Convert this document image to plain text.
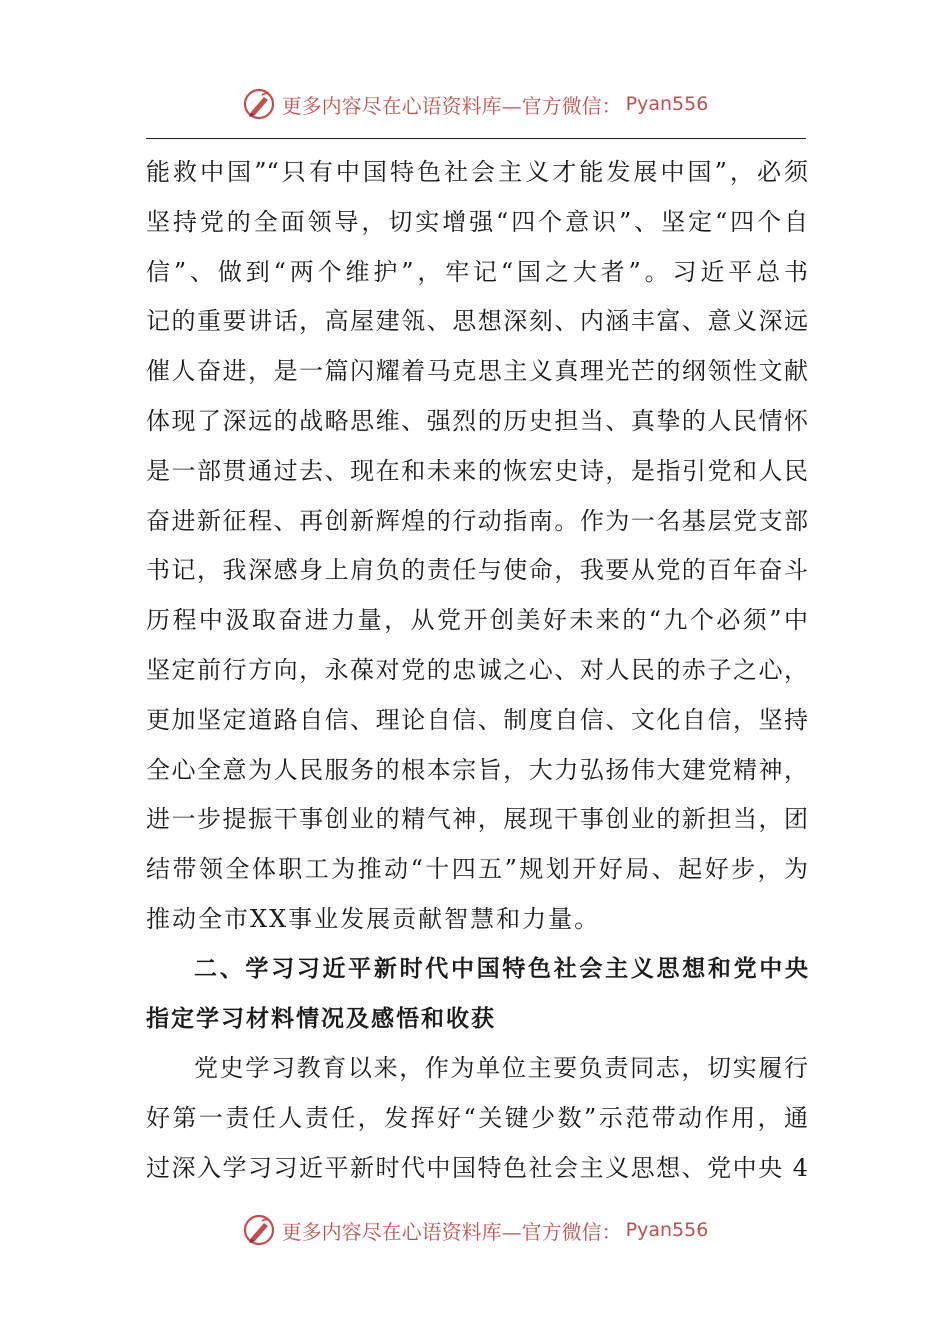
更多内容尽在心语资料库—官方微信： Pyan556
能救中国”“只有中国特色社会主义才能发展中国”，必须
坚持党的全面领导，切实增强“四个意识”、坚定“四个自
信”、做到“两个维护”，牢记“国之大者”。习近平总书
记的重要讲话，高屋建瓴、思想深刻、内涵丰富、意义深远
催人奋进，是一篇闪耀着马克思主义真理光芒的纲领性文献
体现了深远的战略思维、强烈的历史担当、真挚的人民情怀
是一部贯通过去、现在和未来的恢宏史诗，是指引党和人民
奋进新征程、再创新辉煌的行动指南。作为一名基层党支部
书记，我深感身上肩负的责任与使命，我要从党的百年奋斗
历程中汲取奋进力量，从党开创美好未来的“九个必须”中
坚定前行方向，永葆对党的忠诚之心、对人民的赤子之心，
更加坚定道路自信、理论自信、制度自信、文化自信，坚持
全心全意为人民服务的根本宗旨，大力弘扬伟大建党精神，
进一步提振干事创业的精气神，展现干事创业的新担当，团
结带领全体职工为推动“十四五”规划开好局、起好步，为
推动全市XX事业发展贡献智慧和力量。
二、学习习近平新时代中国特色社会主义思想和党中央
指定学习材料情况及感悟和收获
党史学习教育以来，作为单位主要负责同志，切实履行
好第一责任人责任，发挥好“关键少数”示范带动作用，通
过深入学习习近平新时代中国特色社会主义思想、党中央 4
更多内容尽在心语资料库—官方微信： Pyan556
